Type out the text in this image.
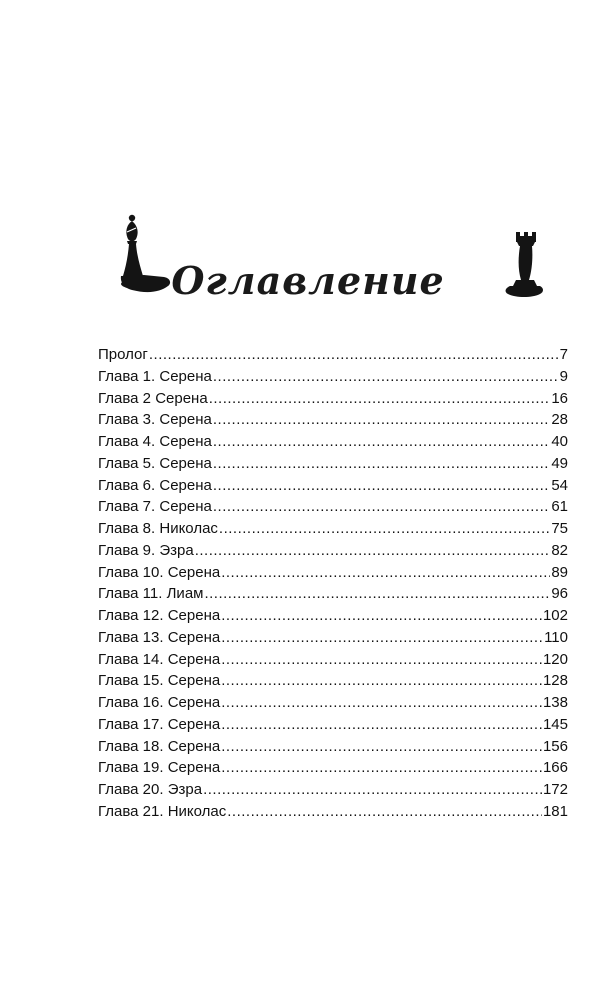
Оглавление
Пролог .....	7
Глава 1. Серена .....	9
Глава 2 Серена .....	16
Глава 3. Серена .....	28
Глава 4. Серена .....	40
Глава 5. Серена .....	49
Глава 6. Серена .....	54
Глава 7. Серена .....	61
Глава 8. Николас .....	75
Глава 9. Эзра .....	82
Глава 10. Серена .....	89
Глава 11. Лиам .....	96
Глава 12. Серена .....	102
Глава 13. Серена .....	110
Глава 14. Серена .....	120
Глава 15. Серена .....	128
Глава 16. Серена .....	138
Глава 17. Серена .....	145
Глава 18. Серена .....	156
Глава 19. Серена .....	166
Глава 20. Эзра .....	172
Глава 21. Николас .....	181
